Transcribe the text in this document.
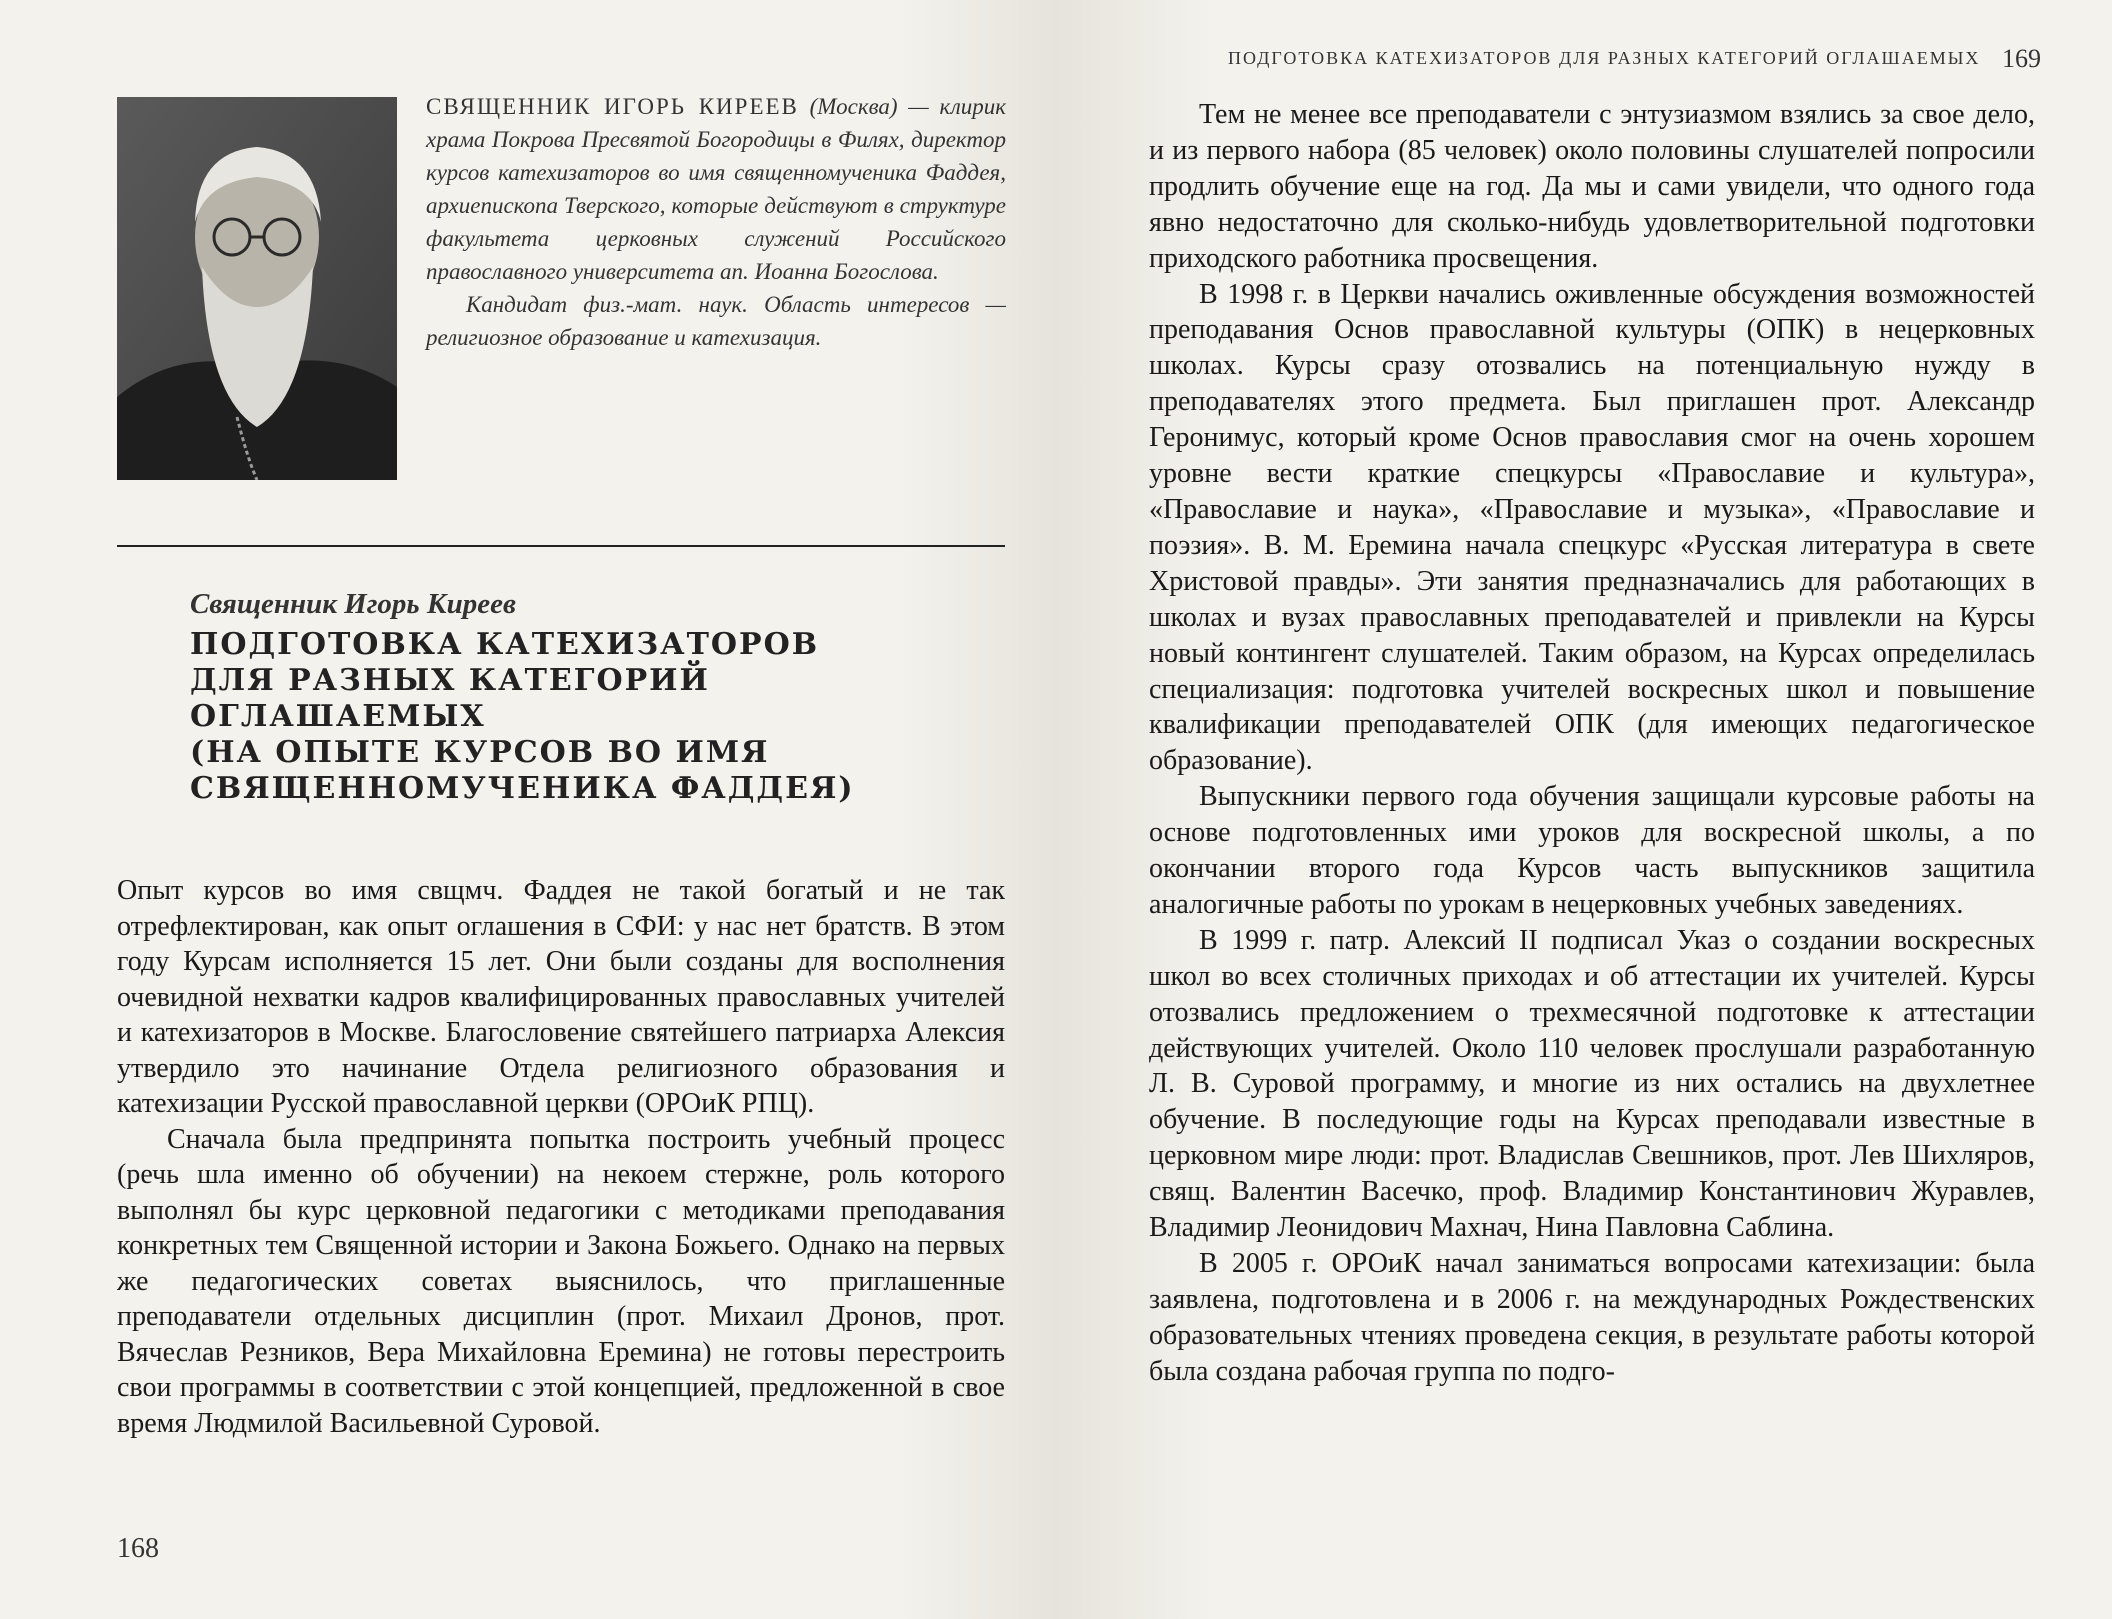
СВЯЩЕННИК ИГОРЬ КИРЕЕВ (Москва) — клирик храма Покрова Пресвятой Богородицы в Филях, директор курсов катехизаторов во имя священномученика Фаддея, архиепископа Тверского, которые действуют в структуре факультета церковных служений Российского православного университета ап. Иоанна Богослова.

Кандидат физ.-мат. наук. Область интересов — религиозное образование и катехизация.

Священник Игорь Киреев
ПОДГОТОВКА КАТЕХИЗАТОРОВ
ДЛЯ РАЗНЫХ КАТЕГОРИЙ ОГЛАШАЕМЫХ
(НА ОПЫТЕ КУРСОВ ВО ИМЯ
СВЯЩЕННОМУЧЕНИКА ФАДДЕЯ)

Опыт курсов во имя свщмч. Фаддея не такой богатый и не так отрефлектирован, как опыт оглашения в СФИ: у нас нет братств. В этом году Курсам исполняется 15 лет. Они были созданы для восполнения очевидной нехватки кадров квалифицированных православных учителей и катехизаторов в Москве. Благословение святейшего патриарха Алексия утвердило это начинание Отдела религиозного образования и катехизации Русской православной церкви (ОРОиК РПЦ).

Сначала была предпринята попытка построить учебный процесс (речь шла именно об обучении) на некоем стержне, роль которого выполнял бы курс церковной педагогики с методиками преподавания конкретных тем Священной истории и Закона Божьего. Однако на первых же педагогических советах выяснилось, что приглашенные преподаватели отдельных дисциплин (прот. Михаил Дронов, прот. Вячеслав Резников, Вера Михайловна Еремина) не готовы перестроить свои программы в соответствии с этой концепцией, предложенной в свое время Людмилой Васильевной Суровой.

168
ПОДГОТОВКА КАТЕХИЗАТОРОВ ДЛЯ РАЗНЫХ КАТЕГОРИЙ ОГЛАШАЕМЫХ 169

Тем не менее все преподаватели с энтузиазмом взялись за свое дело, и из первого набора (85 человек) около половины слушателей попросили продлить обучение еще на год. Да мы и сами увидели, что одного года явно недостаточно для сколько-нибудь удовлетворительной подготовки приходского работника просвещения.

В 1998 г. в Церкви начались оживленные обсуждения возможностей преподавания Основ православной культуры (ОПК) в нецерковных школах. Курсы сразу отозвались на потенциальную нужду в преподавателях этого предмета. Был приглашен прот. Александр Геронимус, который кроме Основ православия смог на очень хорошем уровне вести краткие спецкурсы «Православие и культура», «Православие и наука», «Православие и музыка», «Православие и поэзия». В. М. Еремина начала спецкурс «Русская литература в свете Христовой правды». Эти занятия предназначались для работающих в школах и вузах православных преподавателей и привлекли на Курсы новый контингент слушателей. Таким образом, на Курсах определилась специализация: подготовка учителей воскресных школ и повышение квалификации преподавателей ОПК (для имеющих педагогическое образование).

Выпускники первого года обучения защищали курсовые работы на основе подготовленных ими уроков для воскресной школы, а по окончании второго года Курсов часть выпускников защитила аналогичные работы по урокам в нецерковных учебных заведениях.

В 1999 г. патр. Алексий II подписал Указ о создании воскресных школ во всех столичных приходах и об аттестации их учителей. Курсы отозвались предложением о трехмесячной подготовке к аттестации действующих учителей. Около 110 человек прослушали разработанную Л. В. Суровой программу, и многие из них остались на двухлетнее обучение. В последующие годы на Курсах преподавали известные в церковном мире люди: прот. Владислав Свешников, прот. Лев Шихляров, свящ. Валентин Васечко, проф. Владимир Константинович Журавлев, Владимир Леонидович Махнач, Нина Павловна Саблина.

В 2005 г. ОРОиК начал заниматься вопросами катехизации: была заявлена, подготовлена и в 2006 г. на международных Рождественских образовательных чтениях проведена секция, в результате работы которой была создана рабочая группа по подго-
